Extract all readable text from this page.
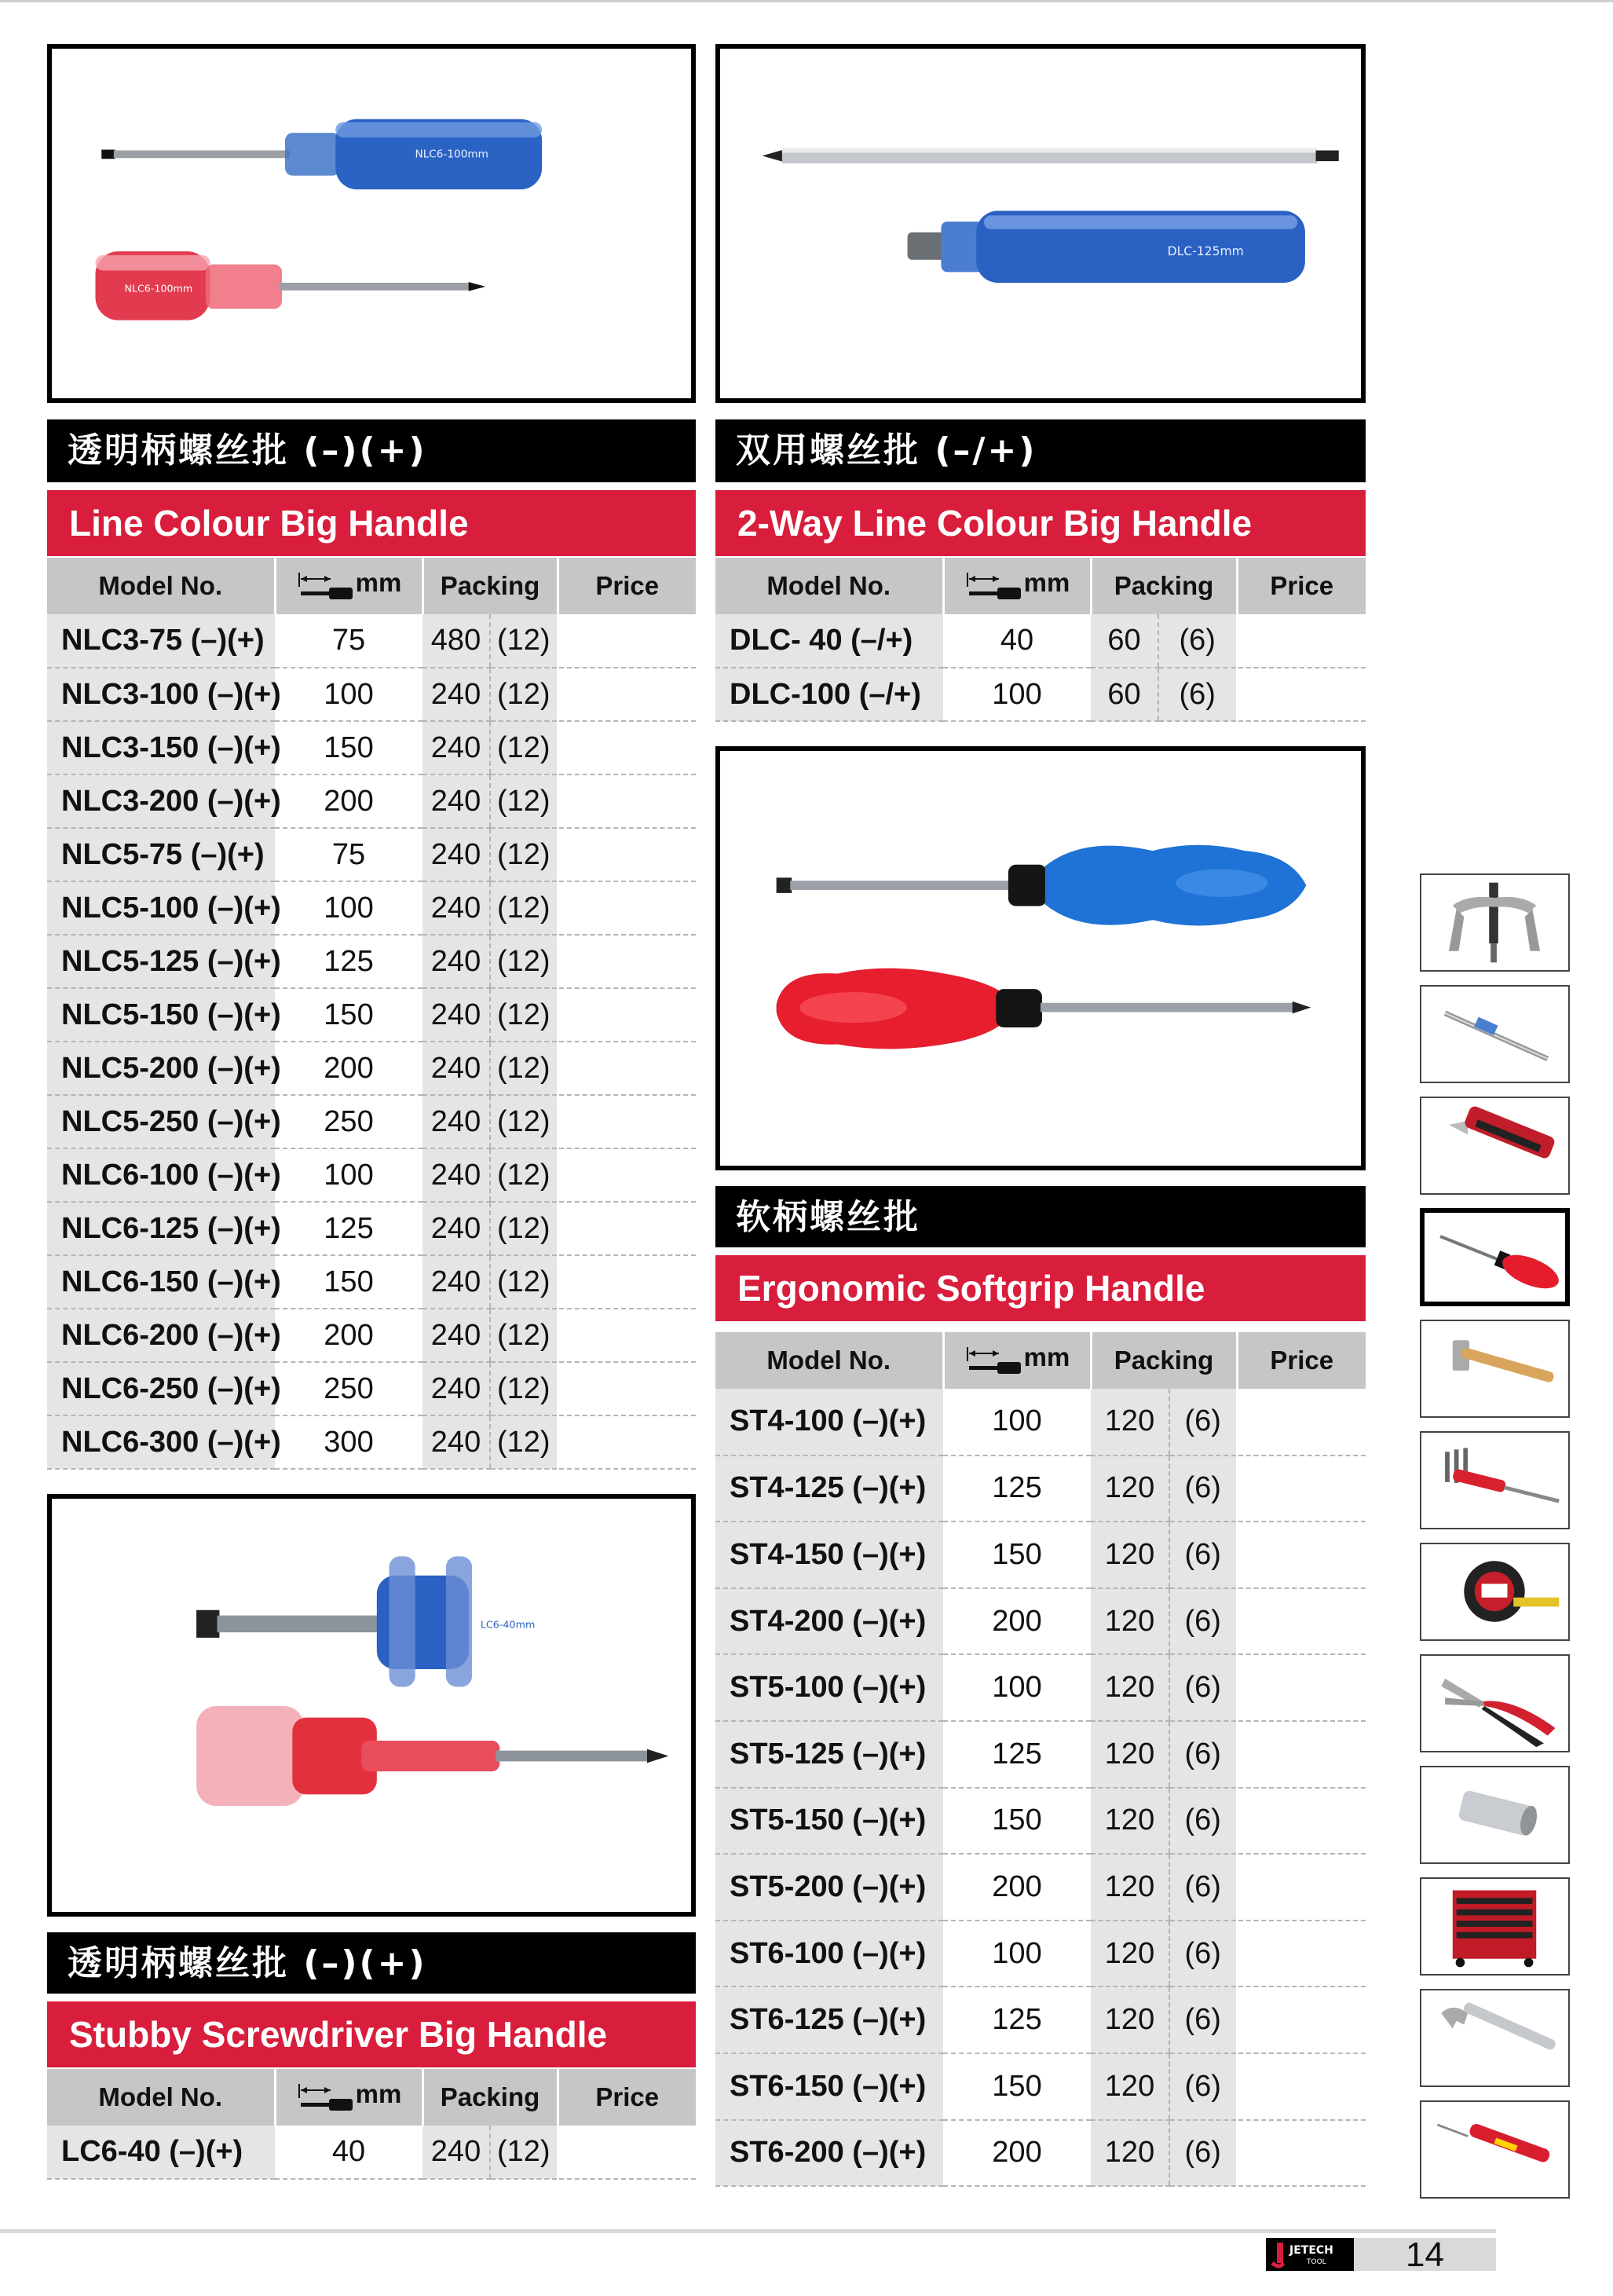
NLC6-100mm
NLC6-100mm
透明柄螺丝批 (–)(+)
Line Colour Big Handle
Model No.	mm	Packing		Price
NLC3-75 (–)(+)	75	480	(12)	
NLC3-100 (–)(+)	100	240	(12)	
NLC3-150 (–)(+)	150	240	(12)	
NLC3-200 (–)(+)	200	240	(12)	
NLC5-75 (–)(+)	75	240	(12)	
NLC5-100 (–)(+)	100	240	(12)	
NLC5-125 (–)(+)	125	240	(12)	
NLC5-150 (–)(+)	150	240	(12)	
NLC5-200 (–)(+)	200	240	(12)	
NLC5-250 (–)(+)	250	240	(12)	
NLC6-100 (–)(+)	100	240	(12)	
NLC6-125 (–)(+)	125	240	(12)	
NLC6-150 (–)(+)	150	240	(12)	
NLC6-200 (–)(+)	200	240	(12)	
NLC6-250 (–)(+)	250	240	(12)	
NLC6-300 (–)(+)	300	240	(12)	
LC6-40mm
透明柄螺丝批 (–)(+)
Stubby Screwdriver Big Handle
Model No.	mm	Packing		Price
LC6-40 (–)(+)	40	240	(12)	
DLC-125mm
双用螺丝批 (–/+)
2-Way Line Colour Big Handle
Model No.	mm	Packing		Price
DLC- 40 (–/+)	40	60	(6)	
DLC-100 (–/+)	100	60	(6)	
软柄螺丝批
Ergonomic Softgrip Handle
Model No.	mm	Packing		Price
ST4-100 (–)(+)	100	120	(6)	
ST4-125 (–)(+)	125	120	(6)	
ST4-150 (–)(+)	150	120	(6)	
ST4-200 (–)(+)	200	120	(6)	
ST5-100 (–)(+)	100	120	(6)	
ST5-125 (–)(+)	125	120	(6)	
ST5-150 (–)(+)	150	120	(6)	
ST5-200 (–)(+)	200	120	(6)	
ST6-100 (–)(+)	100	120	(6)	
ST6-125 (–)(+)	125	120	(6)	
ST6-150 (–)(+)	150	120	(6)	
ST6-200 (–)(+)	200	120	(6)	
JETECH
TOOL	14
